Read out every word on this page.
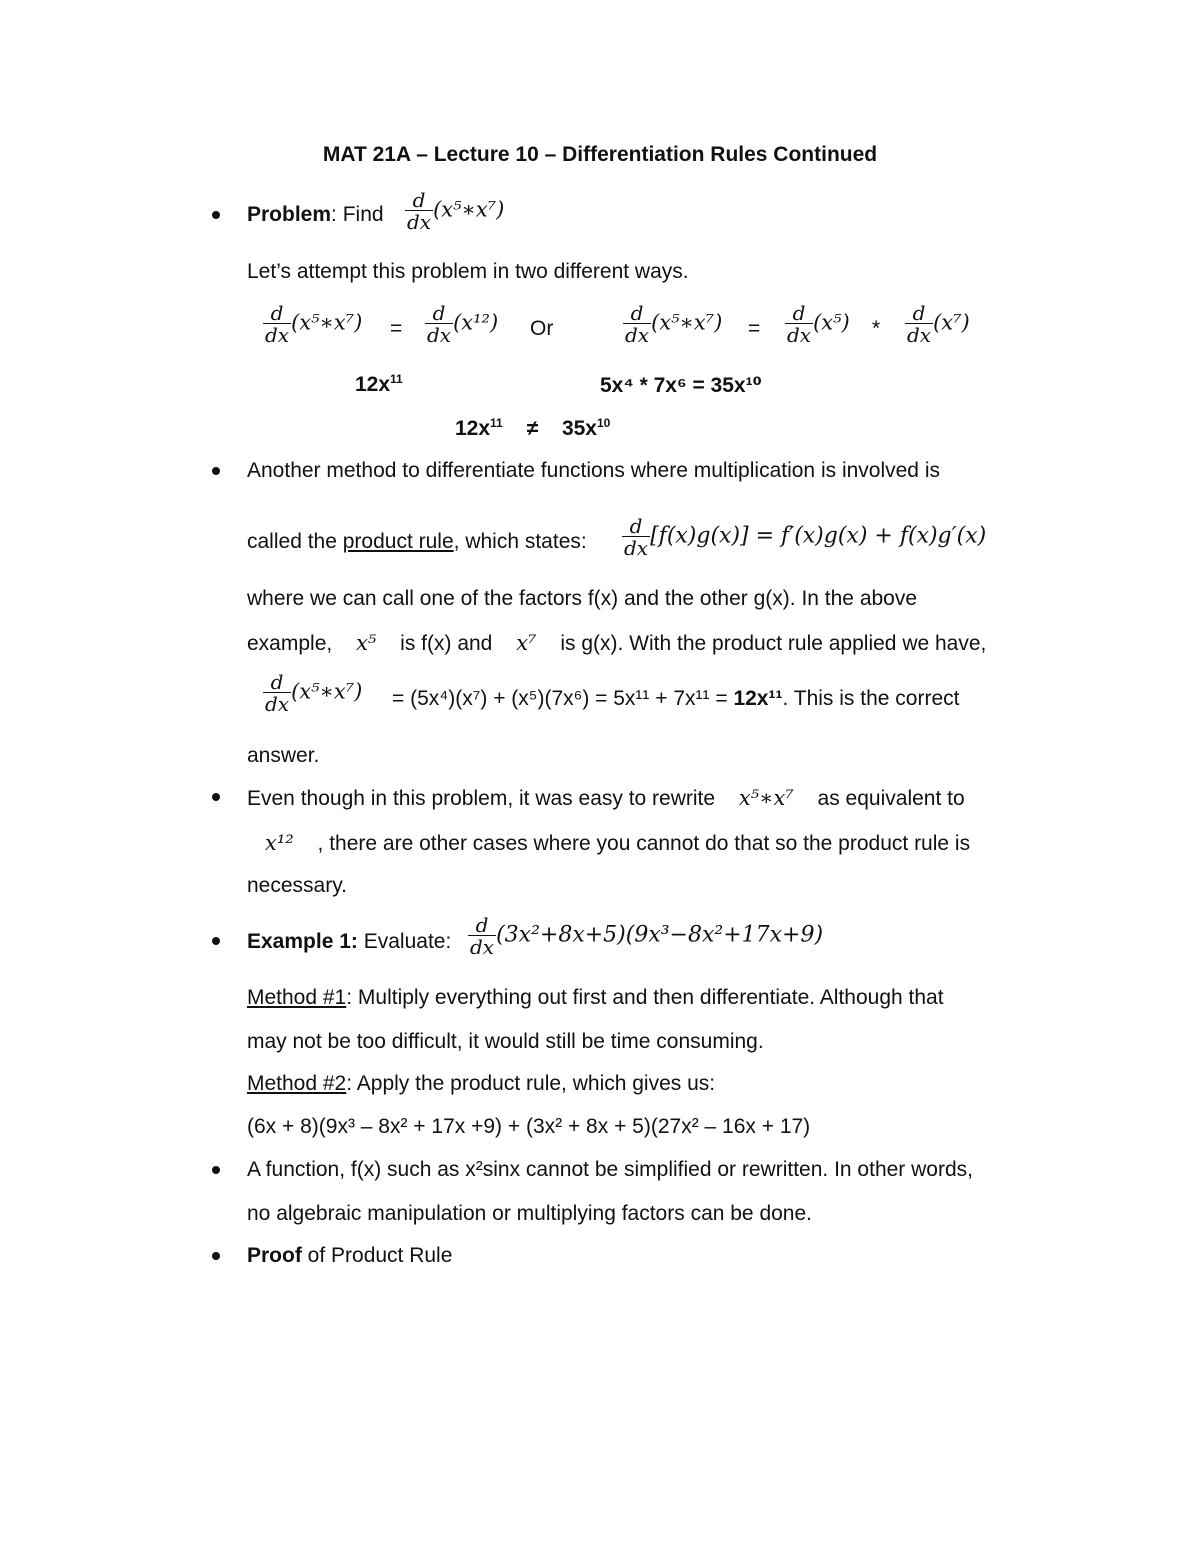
MAT 21A – Lecture 10 – Differentiation Rules Continued
Problem: Find $\frac{d}{dx}$ (x⁵∗x⁷)
Let’s attempt this problem in two different ways.
$\frac{d}{dx}$ (x⁵∗x⁷) = $\frac{d}{dx} (x^{12})$ Or	$\frac{d}{dx}$ (x⁵∗x⁷) = $\frac{d}{dx} (x^5) * \frac{d}{dx} (x^7)$
$12x^{11}$	5x⁴ * 7x⁶ = 35x¹⁰
$12x^{11} \ne 35x^{10}$
Another method to differentiate functions where multiplication is involved is
called the product rule, which states: $\frac{d}{dx} [f(x)g(x)] = f'(x)g(x) + f(x)g'(x)$
where we can call one of the factors f(x) and the other g(x). In the above
example, x⁵ is f(x) and x⁷ is g(x). With the product rule applied we have,
$\frac{d}{dx}$ (x⁵∗x⁷) = (5x⁴)(x⁷) + (x⁵)(7x⁶) = 5x¹¹ + 7x¹¹ = 12x¹¹. This is the correct
answer.
Even though in this problem, it was easy to rewrite x⁵∗x⁷ as equivalent to
x¹² , there are other cases where you cannot do that so the product rule is
necessary.
Example 1: Evaluate: $\frac{d}{dx} (3x^2+8x+5)(9x^3-8x^2+17x+9)$
Method #1: Multiply everything out first and then differentiate. Although that
may not be too difficult, it would still be time consuming.
Method #2: Apply the product rule, which gives us:
(6x + 8)(9x³ – 8x² + 17x +9) + (3x² + 8x + 5)(27x² – 16x + 17)
A function, f(x) such as x²sinx cannot be simplified or rewritten. In other words,
no algebraic manipulation or multiplying factors can be done.
Proof of Product Rule
